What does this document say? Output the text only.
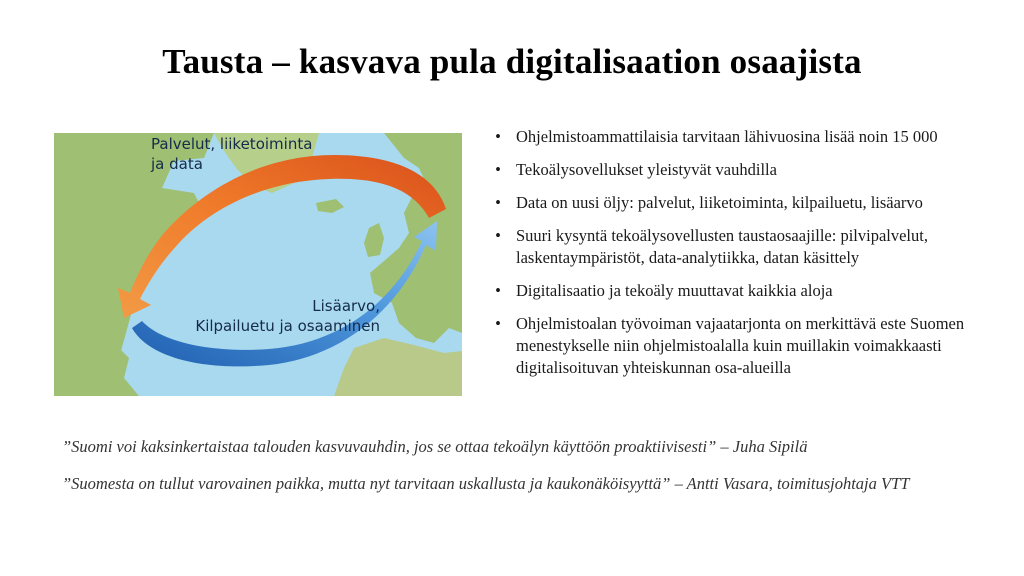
Tausta – kasvava pula digitalisaation osaajista
Palvelut, liiketoiminta
ja data
Lisäarvo,
Kilpailuetu ja osaaminen
• Ohjelmistoammattilaisia tarvitaan lähivuosina lisää noin 15 000
• Tekoälysovellukset yleistyvät vauhdilla
• Data on uusi öljy: palvelut, liiketoiminta, kilpailuetu, lisäarvo
• Suuri kysyntä tekoälysovellusten taustaosaajille: pilvipalvelut, laskentaympäristöt, data-analytiikka, datan käsittely
• Digitalisaatio ja tekoäly muuttavat kaikkia aloja
• Ohjelmistoalan työvoiman vajaatarjonta on merkittävä este Suomen menestykselle niin ohjelmistoalalla kuin muillakin voimakkaasti digitalisoituvan yhteiskunnan osa-alueilla
”Suomi voi kaksinkertaistaa talouden kasvuvauhdin, jos se ottaa tekoälyn käyttöön proaktiivisesti” – Juha Sipilä
”Suomesta on tullut varovainen paikka, mutta nyt tarvitaan uskallusta ja kaukonäköisyyttä” – Antti Vasara, toimitusjohtaja VTT
